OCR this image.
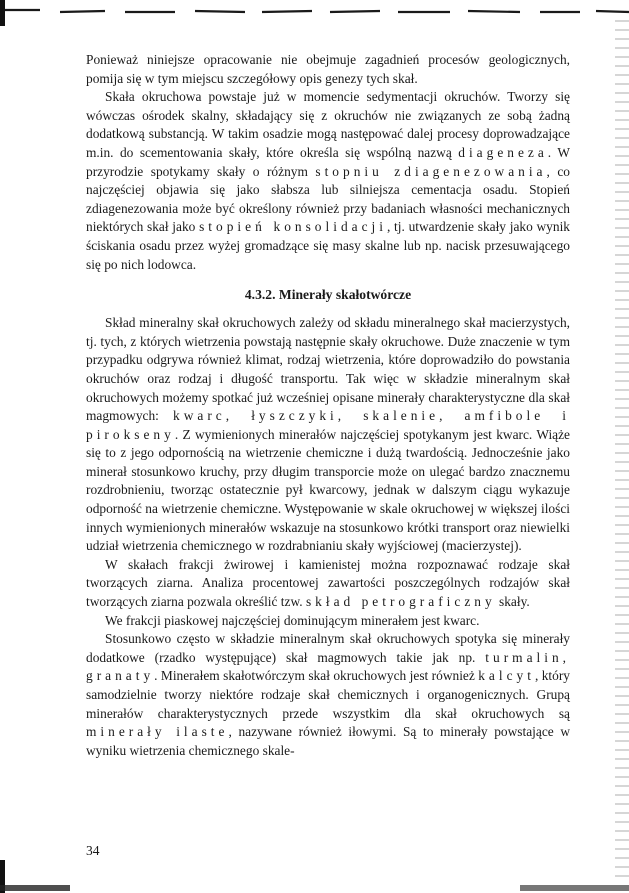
Ponieważ niniejsze opracowanie nie obejmuje zagadnień procesów geologicznych, pomija się w tym miejscu szczegółowy opis genezy tych skał.

Skała okruchowa powstaje już w momencie sedymentacji okruchów. Tworzy się wówczas ośrodek skalny, składający się z okruchów nie związanych ze sobą żadną dodatkową substancją. W takim osadzie mogą następować dalej procesy doprowadzające m.in. do scementowania skały, które określa się wspólną nazwą diageneza. W przyrodzie spotykamy skały o różnym stopniu zdiagenezowania, co najczęściej objawia się jako słabsza lub silniejsza cementacja osadu. Stopień zdiagenezowania może być określony również przy badaniach własności mechanicznych niektórych skał jako stopień konsolidacji, tj. utwardzenie skały jako wynik ściskania osadu przez wyżej gromadzące się masy skalne lub np. nacisk przesuwającego się po nich lodowca.

4.3.2. Minerały skałotwórcze

Skład mineralny skał okruchowych zależy od składu mineralnego skał macierzystych, tj. tych, z których wietrzenia powstają następnie skały okruchowe. Duże znaczenie w tym przypadku odgrywa również klimat, rodzaj wietrzenia, które doprowadziło do powstania okruchów oraz rodzaj i długość transportu. Tak więc w składzie mineralnym skał okruchowych możemy spotkać już wcześniej opisane minerały charakterystyczne dla skał magmowych: kwarc, łyszczyki, skalenie, amfibole i pirokseny. Z wymienionych minerałów najczęściej spotykanym jest kwarc. Wiąże się to z jego odpornością na wietrzenie chemiczne i dużą twardością. Jednocześnie jako minerał stosunkowo kruchy, przy długim transporcie może on ulegać bardzo znacznemu rozdrobnieniu, tworząc ostatecznie pył kwarcowy, jednak w dalszym ciągu wykazuje odporność na wietrzenie chemiczne. Występowanie w skale okruchowej w większej ilości innych wymienionych minerałów wskazuje na stosunkowo krótki transport oraz niewielki udział wietrzenia chemicznego w rozdrabnianiu skały wyjściowej (macierzystej).

W skałach frakcji żwirowej i kamienistej można rozpoznawać rodzaje skał tworzących ziarna. Analiza procentowej zawartości poszczególnych rodzajów skał tworzących ziarna pozwala określić tzw. skład petrograficzny skały.

We frakcji piaskowej najczęściej dominującym minerałem jest kwarc.

Stosunkowo często w składzie mineralnym skał okruchowych spotyka się minerały dodatkowe (rzadko występujące) skał magmowych takie jak np. turmalin, granaty. Minerałem skałotwórczym skał okruchowych jest również kalcyt, który samodzielnie tworzy niektóre rodzaje skał chemicznych i organogenicznych. Grupą minerałów charakterystycznych przede wszystkim dla skał okruchowych są minerały ilaste, nazywane również iłowymi. Są to minerały powstające w wyniku wietrzenia chemicznego skale-

34
